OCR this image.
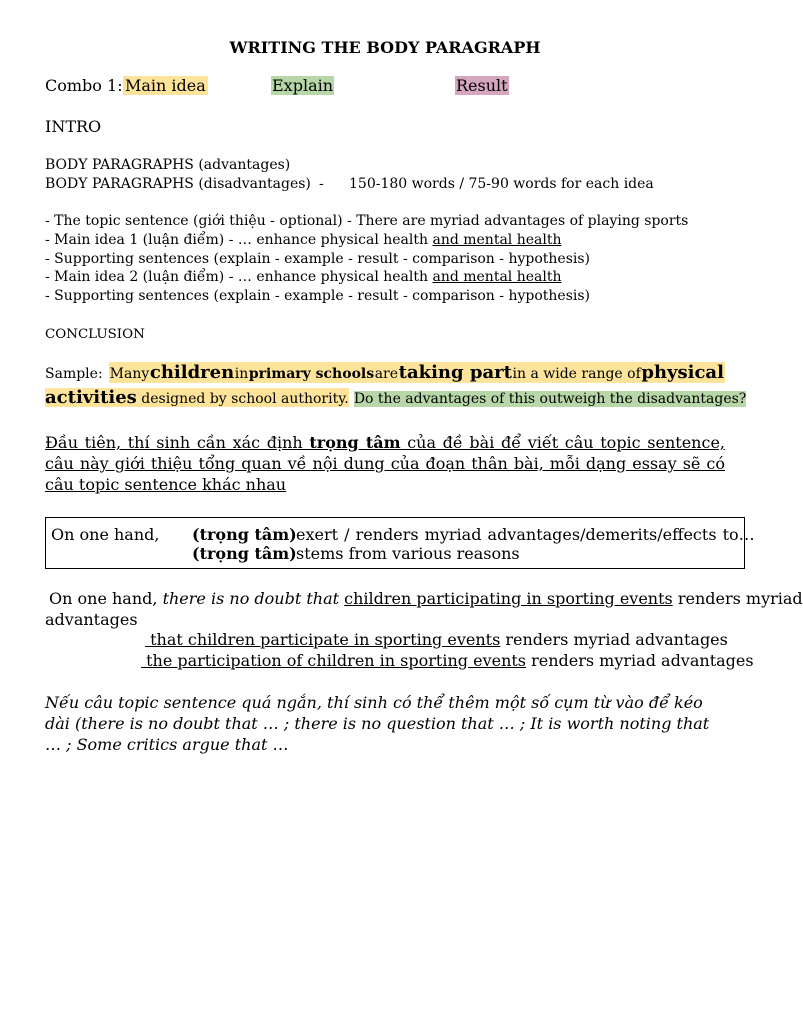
WRITING THE BODY PARAGRAPH
Combo 1: Main idea	Explain	Result
INTRO
BODY PARAGRAPHS (advantages)
BODY PARAGRAPHS (disadvantages) - 150-180 words / 75-90 words for each idea
- The topic sentence (giới thiệu - optional) - There are myriad advantages of playing sports
- Main idea 1 (luận điểm) - … enhance physical health and mental health
- Supporting sentences (explain - example - result - comparison - hypothesis)
- Main idea 2 (luận điểm) - … enhance physical health and mental health
- Supporting sentences (explain - example - result - comparison - hypothesis)
CONCLUSION
Sample: Many children in primary schools are taking part in a wide range of physical
activities designed by school authority. Do the advantages of this outweigh the disadvantages?
Đầu tiên, thí sinh cần xác định trọng tâm của đề bài để viết câu topic sentence, câu này giới thiệu tổng quan về nội dung của đoạn thân bài, mỗi dạng essay sẽ có câu topic sentence khác nhau
On one hand, (trọng tâm) exert / renders myriad advantages/demerits/effects to…
(trọng tâm) stems from various reasons
On one hand, there is no doubt that children participating in sporting events renders myriad
advantages
that children participate in sporting events renders myriad advantages
the participation of children in sporting events renders myriad advantages
Nếu câu topic sentence quá ngắn, thí sinh có thể thêm một số cụm từ vào để kéo dài (there is no doubt that … ; there is no question that … ; It is worth noting that … ; Some critics argue that …
